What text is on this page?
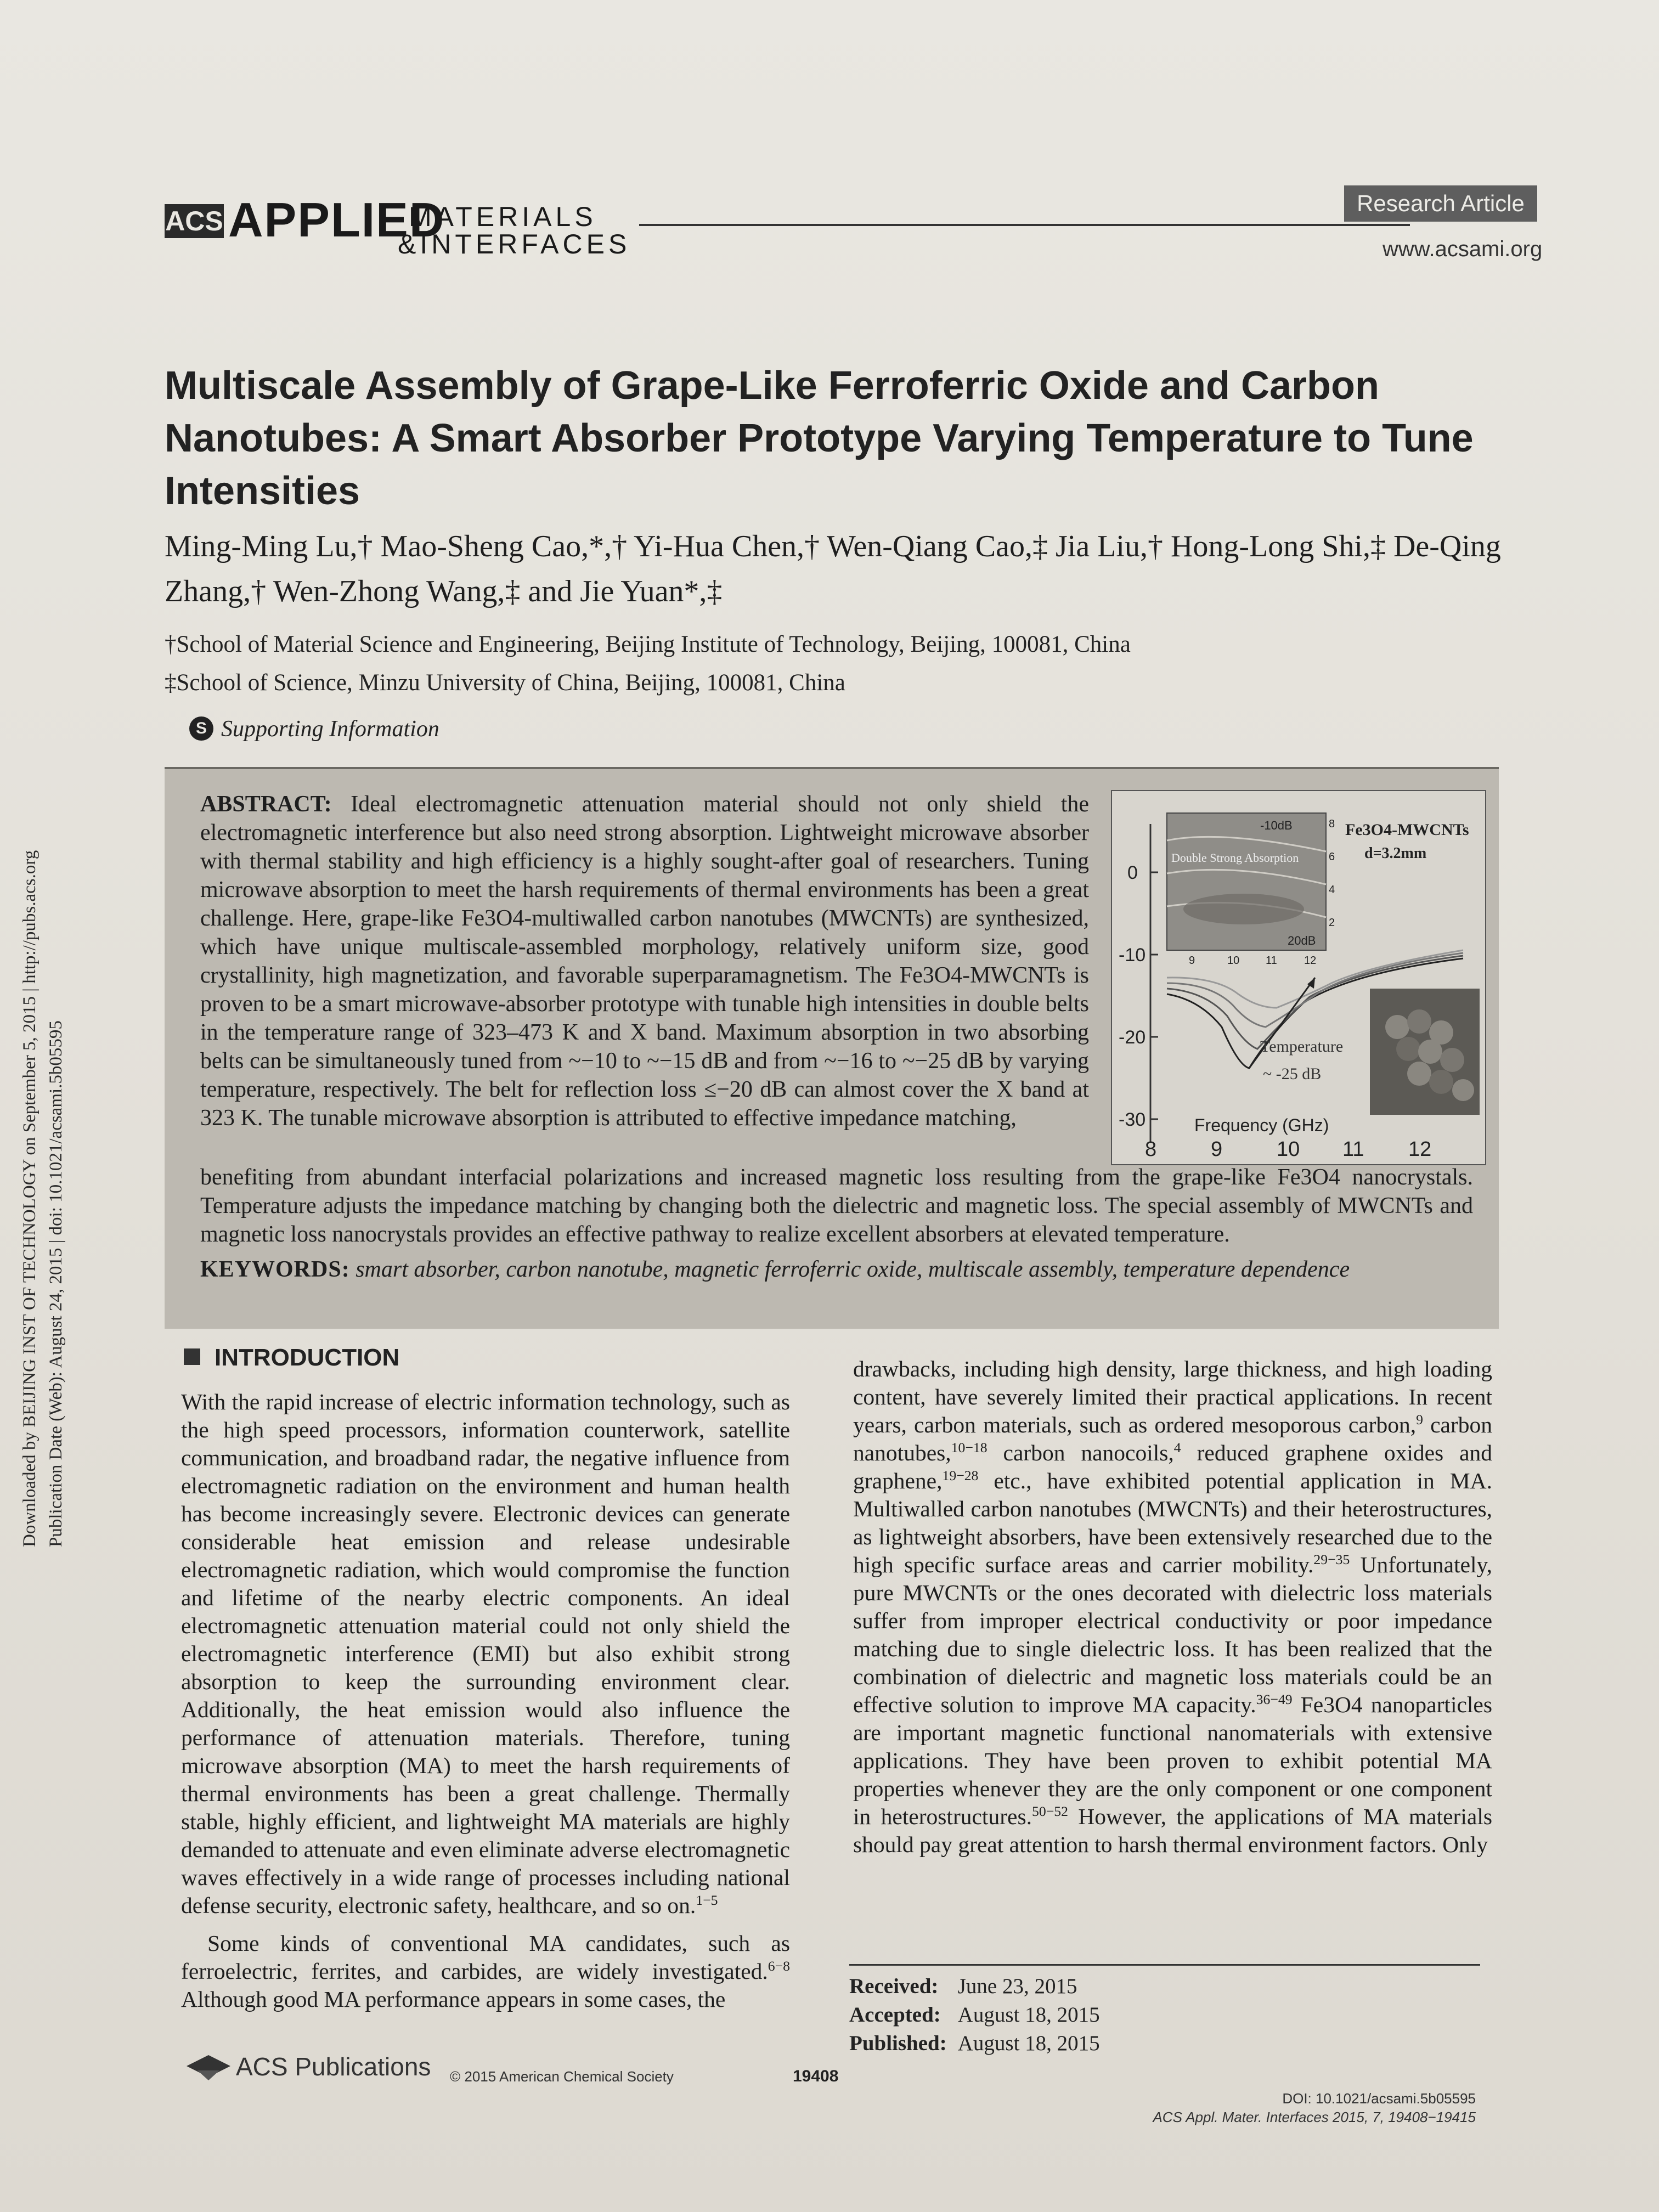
ACS APPLIED
MATERIALS
&INTERFACES
Research Article
www.acsami.org
Downloaded by BEIJING INST OF TECHNOLOGY on September 5, 2015 | http://pubs.acs.org Publication Date (Web): August 24, 2015 | doi: 10.1021/acsami.5b05595
Multiscale Assembly of Grape-Like Ferroferric Oxide and Carbon Nanotubes: A Smart Absorber Prototype Varying Temperature to Tune Intensities
Ming-Ming Lu,† Mao-Sheng Cao,*,† Yi-Hua Chen,† Wen-Qiang Cao,‡ Jia Liu,† Hong-Long Shi,‡ De-Qing Zhang,† Wen-Zhong Wang,‡ and Jie Yuan*,‡
†School of Material Science and Engineering, Beijing Institute of Technology, Beijing, 100081, China
‡School of Science, Minzu University of China, Beijing, 100081, China
S Supporting Information
ABSTRACT: Ideal electromagnetic attenuation material should not only shield the electromagnetic interference but also need strong absorption. Lightweight microwave absorber with thermal stability and high efficiency is a highly sought-after goal of researchers. Tuning microwave absorption to meet the harsh requirements of thermal environments has been a great challenge. Here, grape-like Fe3O4-multiwalled carbon nanotubes (MWCNTs) are synthesized, which have unique multiscale-assembled morphology, relatively uniform size, good crystallinity, high magnetization, and favorable superparamagnetism. The Fe3O4-MWCNTs is proven to be a smart microwave-absorber prototype with tunable high intensities in double belts in the temperature range of 323–473 K and X band. Maximum absorption in two absorbing belts can be simultaneously tuned from ~−10 to ~−15 dB and from ~−16 to ~−25 dB by varying temperature, respectively. The belt for reflection loss ≤−20 dB can almost cover the X band at 323 K. The tunable microwave absorption is attributed to effective impedance matching,
benefiting from abundant interfacial polarizations and increased magnetic loss resulting from the grape-like Fe3O4 nanocrystals. Temperature adjusts the impedance matching by changing both the dielectric and magnetic loss. The special assembly of MWCNTs and magnetic loss nanocrystals provides an effective pathway to realize excellent absorbers at elevated temperature.
KEYWORDS: smart absorber, carbon nanotube, magnetic ferroferric oxide, multiscale assembly, temperature dependence
0
-10
-20
-30
8	9	10 11 12
Frequency (GHz)
-10dB
Double Strong Absorption
20dB
8
6
4
2
9	10 11 12
Fe3O4-MWCNTs
d=3.2mm
Temperature
~ -25 dB
INTRODUCTION

With the rapid increase of electric information technology, such as the high speed processors, information counterwork, satellite communication, and broadband radar, the negative influence from electromagnetic radiation on the environment and human health has become increasingly severe. Electronic devices can generate considerable heat emission and release undesirable electromagnetic radiation, which would compromise the function and lifetime of the nearby electric components. An ideal electromagnetic attenuation material could not only shield the electromagnetic interference (EMI) but also exhibit strong absorption to keep the surrounding environment clear. Additionally, the heat emission would also influence the performance of attenuation materials. Therefore, tuning microwave absorption (MA) to meet the harsh requirements of thermal environments has been a great challenge. Thermally stable, highly efficient, and lightweight MA materials are highly demanded to attenuate and even eliminate adverse electromagnetic waves effectively in a wide range of processes including national defense security, electronic safety, healthcare, and so on.$^{1-5}$

Some kinds of conventional MA candidates, such as ferroelectric, ferrites, and carbides, are widely investigated.$^{6-8}$ Although good MA performance appears in some cases, the

drawbacks, including high density, large thickness, and high loading content, have severely limited their practical applications. In recent years, carbon materials, such as ordered mesoporous carbon,$^9$ carbon nanotubes,$^{10-18}$ carbon nanocoils,$^4$ reduced graphene oxides and graphene,$^{19-28}$ etc., have exhibited potential application in MA. Multiwalled carbon nanotubes (MWCNTs) and their heterostructures, as lightweight absorbers, have been extensively researched due to the high specific surface areas and carrier mobility.$^{29-35}$ Unfortunately, pure MWCNTs or the ones decorated with dielectric loss materials suffer from improper electrical conductivity or poor impedance matching due to single dielectric loss. It has been realized that the combination of dielectric and magnetic loss materials could be an effective solution to improve MA capacity.$^{36-49}$ Fe3O4 nanoparticles are important magnetic functional nanomaterials with extensive applications. They have been proven to exhibit potential MA properties whenever they are the only component or one component in heterostructures.$^{50-52}$ However, the applications of MA materials should pay great attention to harsh thermal environment factors. Only

Received:	June 23, 2015
Accepted:	August 18, 2015
Published:	August 18, 2015
ACS Publications © 2015 American Chemical Society	19408
DOI: 10.1021/acsami.5b05595
ACS Appl. Mater. Interfaces 2015, 7, 19408−19415
